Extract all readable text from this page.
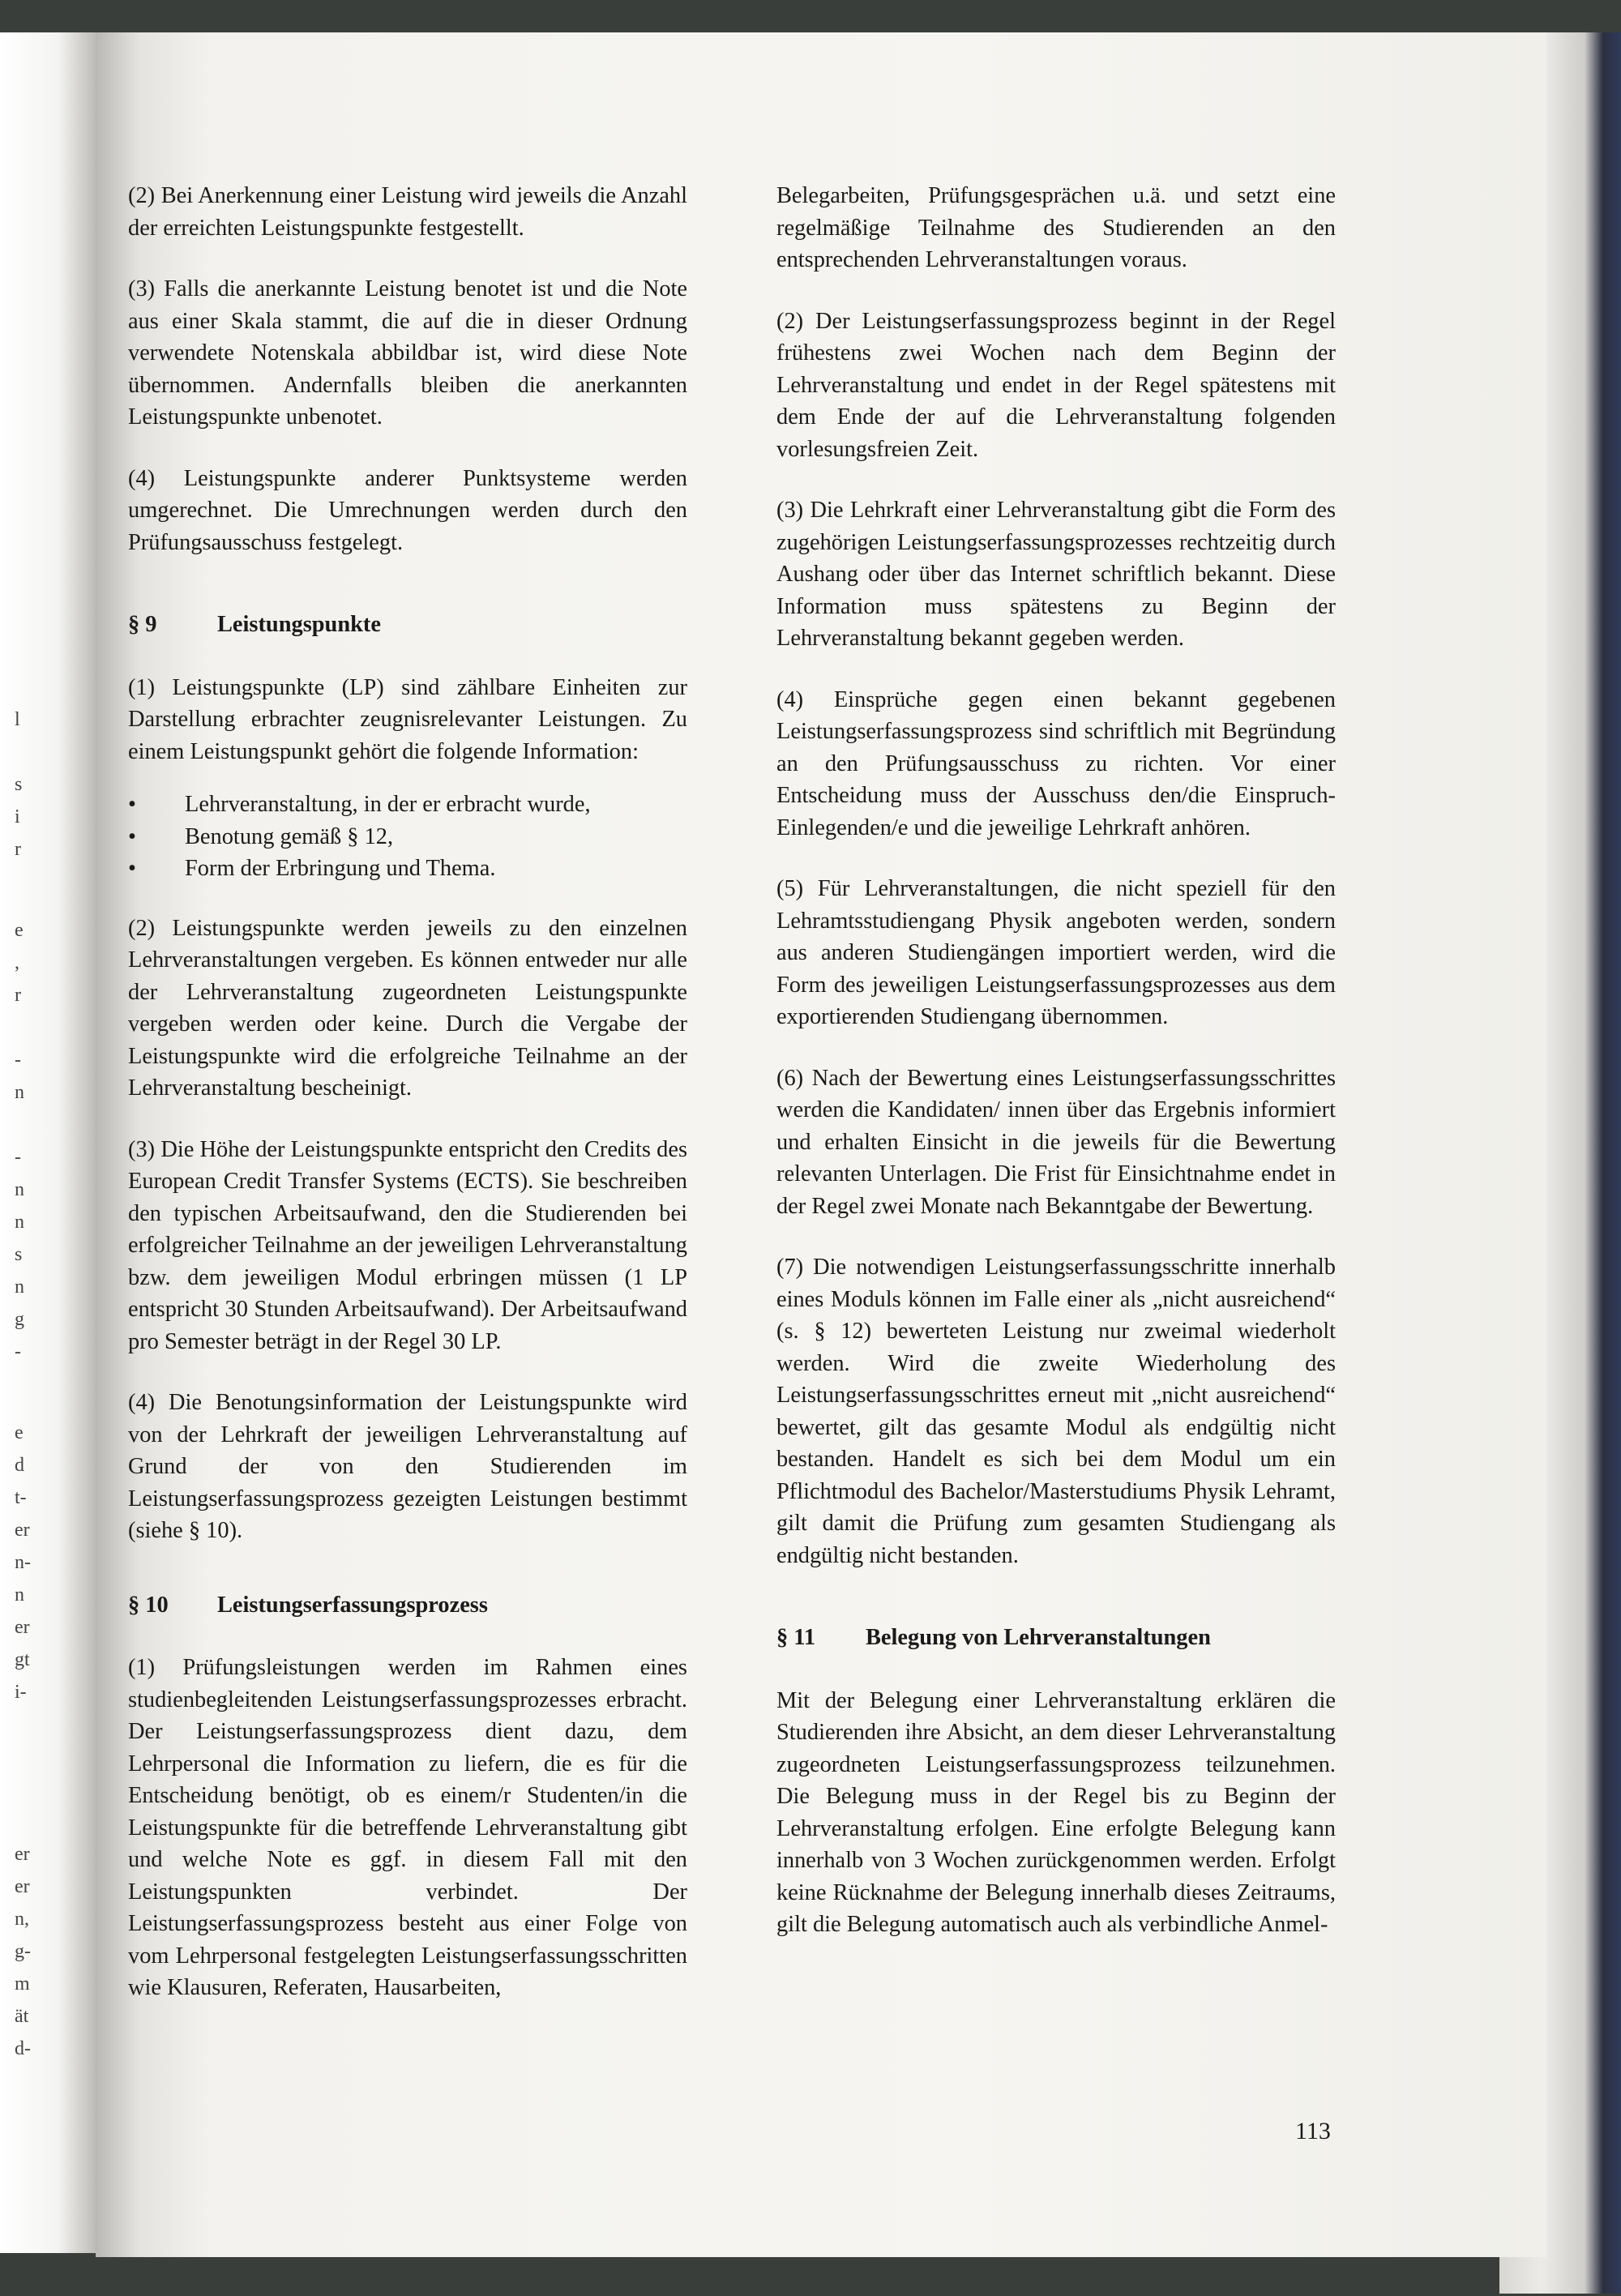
l
s
i
r
e
,
r
-
n
-
n
n
s
n
g
-
e
d
t-
er
n-
n
er
gt
i-
er
er
n,
g-
m
ät
d-

(2) Bei Anerkennung einer Leistung wird jeweils die Anzahl der erreichten Leistungspunkte festgestellt.

(3) Falls die anerkannte Leistung benotet ist und die Note aus einer Skala stammt, die auf die in dieser Ordnung verwendete Notenskala abbildbar ist, wird diese Note übernommen. Andernfalls bleiben die anerkannten Leistungspunkte unbenotet.

(4) Leistungspunkte anderer Punktsysteme werden umgerechnet. Die Umrechnungen werden durch den Prüfungsausschuss festgelegt.

§ 9	Leistungspunkte

(1) Leistungspunkte (LP) sind zählbare Einheiten zur Darstellung erbrachter zeugnisrelevanter Leistungen. Zu einem Leistungspunkt gehört die folgende Information:

• Lehrveranstaltung, in der er erbracht wurde,
• Benotung gemäß § 12,
• Form der Erbringung und Thema.

(2) Leistungspunkte werden jeweils zu den einzelnen Lehrveranstaltungen vergeben. Es können entweder nur alle der Lehrveranstaltung zugeordneten Leistungspunkte vergeben werden oder keine. Durch die Vergabe der Leistungspunkte wird die erfolgreiche Teilnahme an der Lehrveranstaltung bescheinigt.

(3) Die Höhe der Leistungspunkte entspricht den Credits des European Credit Transfer Systems (ECTS). Sie beschreiben den typischen Arbeitsaufwand, den die Studierenden bei erfolgreicher Teilnahme an der jeweiligen Lehrveranstaltung bzw. dem jeweiligen Modul erbringen müssen (1 LP entspricht 30 Stunden Arbeitsaufwand). Der Arbeitsaufwand pro Semester beträgt in der Regel 30 LP.

(4) Die Benotungsinformation der Leistungspunkte wird von der Lehrkraft der jeweiligen Lehrveranstaltung auf Grund der von den Studierenden im Leistungserfassungsprozess gezeigten Leistungen bestimmt (siehe § 10).

§ 10	Leistungserfassungsprozess

(1) Prüfungsleistungen werden im Rahmen eines studienbegleitenden Leistungserfassungsprozesses erbracht. Der Leistungserfassungsprozess dient dazu, dem Lehrpersonal die Information zu liefern, die es für die Entscheidung benötigt, ob es einem/r Studenten/in die Leistungspunkte für die betreffende Lehrveranstaltung gibt und welche Note es ggf. in diesem Fall mit den Leistungspunkten verbindet. Der Leistungserfassungsprozess besteht aus einer Folge von vom Lehrpersonal festgelegten Leistungserfassungsschritten wie Klausuren, Referaten, Hausarbeiten,

Belegarbeiten, Prüfungsgesprächen u.ä. und setzt eine regelmäßige Teilnahme des Studierenden an den entsprechenden Lehrveranstaltungen voraus.

(2) Der Leistungserfassungsprozess beginnt in der Regel frühestens zwei Wochen nach dem Beginn der Lehrveranstaltung und endet in der Regel spätestens mit dem Ende der auf die Lehrveranstaltung folgenden vorlesungsfreien Zeit.

(3) Die Lehrkraft einer Lehrveranstaltung gibt die Form des zugehörigen Leistungserfassungsprozesses rechtzeitig durch Aushang oder über das Internet schriftlich bekannt. Diese Information muss spätestens zu Beginn der Lehrveranstaltung bekannt gegeben werden.

(4) Einsprüche gegen einen bekannt gegebenen Leistungserfassungsprozess sind schriftlich mit Begründung an den Prüfungsausschuss zu richten. Vor einer Entscheidung muss der Ausschuss den/die Einspruch-Einlegenden/e und die jeweilige Lehrkraft anhören.

(5) Für Lehrveranstaltungen, die nicht speziell für den Lehramtsstudiengang Physik angeboten werden, sondern aus anderen Studiengängen importiert werden, wird die Form des jeweiligen Leistungserfassungsprozesses aus dem exportierenden Studiengang übernommen.

(6) Nach der Bewertung eines Leistungserfassungsschrittes werden die Kandidaten/ innen über das Ergebnis informiert und erhalten Einsicht in die jeweils für die Bewertung relevanten Unterlagen. Die Frist für Einsichtnahme endet in der Regel zwei Monate nach Bekanntgabe der Bewertung.

(7) Die notwendigen Leistungserfassungsschritte innerhalb eines Moduls können im Falle einer als „nicht ausreichend“ (s. § 12) bewerteten Leistung nur zweimal wiederholt werden. Wird die zweite Wiederholung des Leistungserfassungsschrittes erneut mit „nicht ausreichend“ bewertet, gilt das gesamte Modul als endgültig nicht bestanden. Handelt es sich bei dem Modul um ein Pflichtmodul des Bachelor/Masterstudiums Physik Lehramt, gilt damit die Prüfung zum gesamten Studiengang als endgültig nicht bestanden.

§ 11	Belegung von Lehrveranstaltungen

Mit der Belegung einer Lehrveranstaltung erklären die Studierenden ihre Absicht, an dem dieser Lehrveranstaltung zugeordneten Leistungserfassungsprozess teilzunehmen. Die Belegung muss in der Regel bis zu Beginn der Lehrveranstaltung erfolgen. Eine erfolgte Belegung kann innerhalb von 3 Wochen zurückgenommen werden. Erfolgt keine Rücknahme der Belegung innerhalb dieses Zeitraums, gilt die Belegung automatisch auch als verbindliche Anmel-

113
